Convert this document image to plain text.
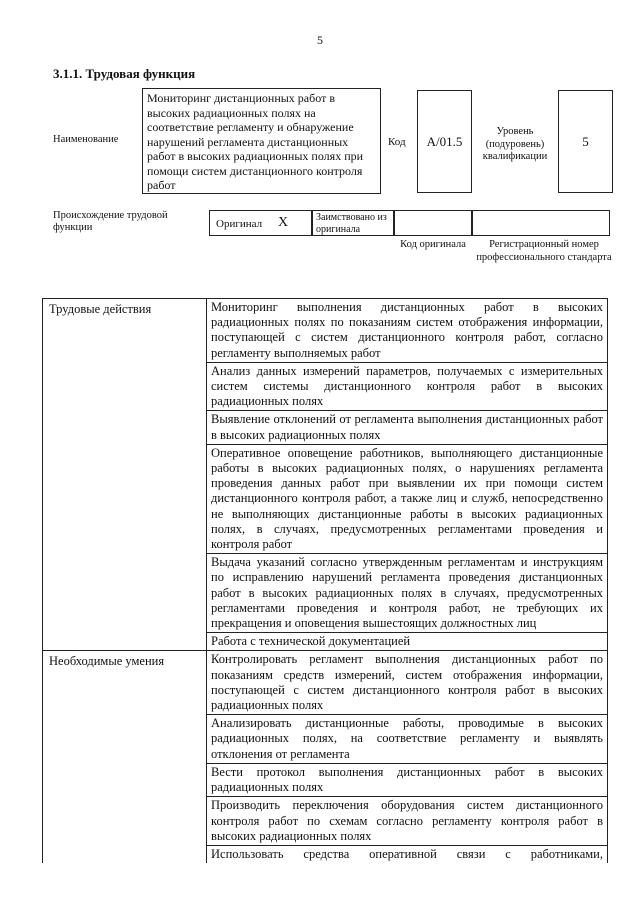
5
3.1.1. Трудовая функция
Наименование
Мониторинг дистанционных работ в высоких радиационных полях на соответствие регламенту и обнаружение нарушений регламента дистанционных работ в высоких радиационных полях при помощи систем дистанционного контроля работ
Код	A/01.5
Уровень (подуровень) квалификации
5
Происхождение трудовой функции	Оригинал X	Заимствовано из оригинала
Код оригинала	Регистрационный номер профессионального стандарта
Трудовые действия	Мониторинг выполнения дистанционных работ в высоких радиационных полях по показаниям систем отображения информации, поступающей с систем дистанционного контроля работ, согласно регламенту выполняемых работ
Анализ данных измерений параметров, получаемых с измерительных систем системы дистанционного контроля работ в высоких радиационных полях
Выявление отклонений от регламента выполнения дистанционных работ в высоких радиационных полях
Оперативное оповещение работников, выполняющего дистанционные работы в высоких радиационных полях, о нарушениях регламента проведения данных работ при выявлении их при помощи систем дистанционного контроля работ, а также лиц и служб, непосредственно не выполняющих дистанционные работы в высоких радиационных полях, в случаях, предусмотренных регламентами проведения и контроля работ
Выдача указаний согласно утвержденным регламентам и инструкциям по исправлению нарушений регламента проведения дистанционных работ в высоких радиационных полях в случаях, предусмотренных регламентами проведения и контроля работ, не требующих их прекращения и оповещения вышестоящих должностных лиц
Работа с технической документацией
Необходимые умения	Контролировать регламент выполнения дистанционных работ по показаниям средств измерений, систем отображения информации, поступающей с систем дистанционного контроля работ в высоких радиационных полях
Анализировать дистанционные работы, проводимые в высоких радиационных полях, на соответствие регламенту и выявлять отклонения от регламента
Вести протокол выполнения дистанционных работ в высоких радиационных полях
Производить переключения оборудования систем дистанционного контроля работ по схемам согласно регламенту контроля работ в высоких радиационных полях
Использовать средства оперативной связи с работниками,
